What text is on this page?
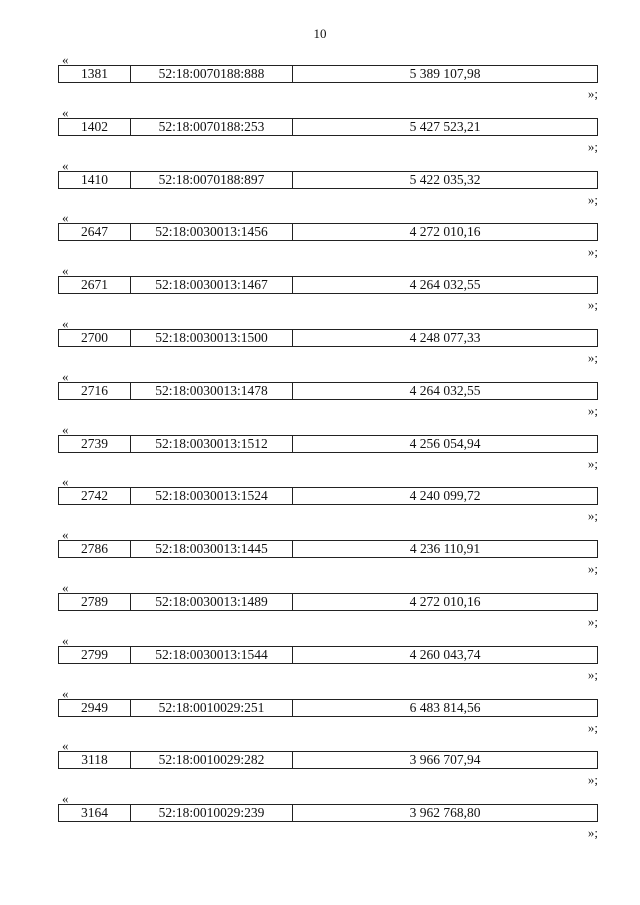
10
«
1381	52:18:0070188:888	5 389 107,98
»;
«
1402	52:18:0070188:253	5 427 523,21
»;
«
1410	52:18:0070188:897	5 422 035,32
»;
«
2647	52:18:0030013:1456	4 272 010,16
»;
«
2671	52:18:0030013:1467	4 264 032,55
»;
«
2700	52:18:0030013:1500	4 248 077,33
»;
«
2716	52:18:0030013:1478	4 264 032,55
»;
«
2739	52:18:0030013:1512	4 256 054,94
»;
«
2742	52:18:0030013:1524	4 240 099,72
»;
«
2786	52:18:0030013:1445	4 236 110,91
»;
«
2789	52:18:0030013:1489	4 272 010,16
»;
«
2799	52:18:0030013:1544	4 260 043,74
»;
«
2949	52:18:0010029:251	6 483 814,56
»;
«
3118	52:18:0010029:282	3 966 707,94
»;
«
3164	52:18:0010029:239	3 962 768,80
»;
